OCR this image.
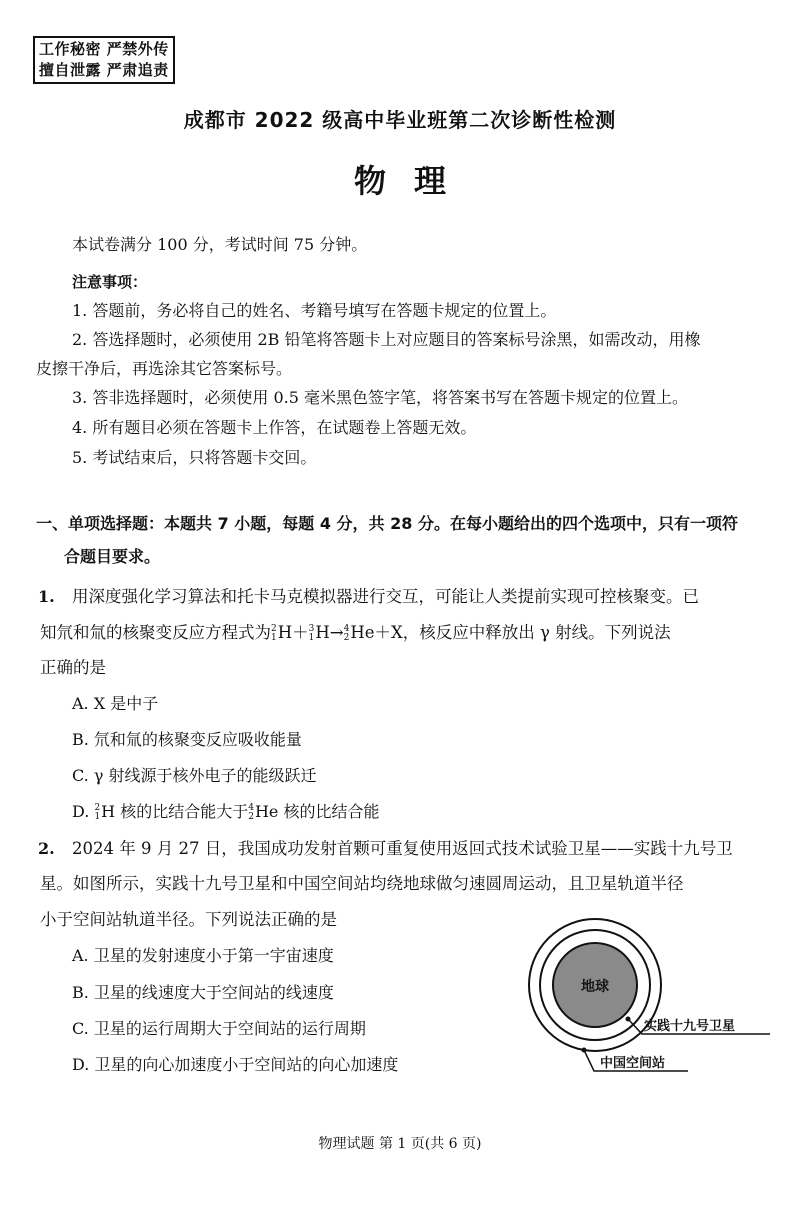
工作秘密 严禁外传
擅自泄露 严肃追责
成都市 2022 级高中毕业班第二次诊断性检测
物理
本试卷满分 100 分，考试时间 75 分钟。
注意事项：
1. 答题前，务必将自己的姓名、考籍号填写在答题卡规定的位置上。
2. 答选择题时，必须使用 2B 铅笔将答题卡上对应题目的答案标号涂黑，如需改动，用橡
皮擦干净后，再选涂其它答案标号。
3. 答非选择题时，必须使用 0.5 毫米黑色签字笔，将答案书写在答题卡规定的位置上。
4. 所有题目必须在答题卡上作答，在试题卷上答题无效。
5. 考试结束后，只将答题卡交回。
一、单项选择题：本题共 7 小题，每题 4 分，共 28 分。在每小题给出的四个选项中，只有一项符
合题目要求。
1. 用深度强化学习算法和托卡马克模拟器进行交互，可能让人类提前实现可控核聚变。已
知氘和氚的核聚变反应方程式为 2
1 H＋ 3
1 H→ 4
2 He＋X，核反应中释放出 γ 射线。下列说法
正确的是
A. X 是中子
B. 氘和氚的核聚变反应吸收能量
C. γ 射线源于核外电子的能级跃迁
D. 2
1 H 核的比结合能大于 4
2 He 核的比结合能
2. 2024 年 9 月 27 日，我国成功发射首颗可重复使用返回式技术试验卫星——实践十九号卫
星。如图所示，实践十九号卫星和中国空间站均绕地球做匀速圆周运动，且卫星轨道半径
小于空间站轨道半径。下列说法正确的是
A. 卫星的发射速度小于第一宇宙速度
B. 卫星的线速度大于空间站的线速度
C. 卫星的运行周期大于空间站的运行周期
D. 卫星的向心加速度小于空间站的向心加速度
地球
实践十九号卫星
中国空间站
物理试题 第 1 页(共 6 页)
